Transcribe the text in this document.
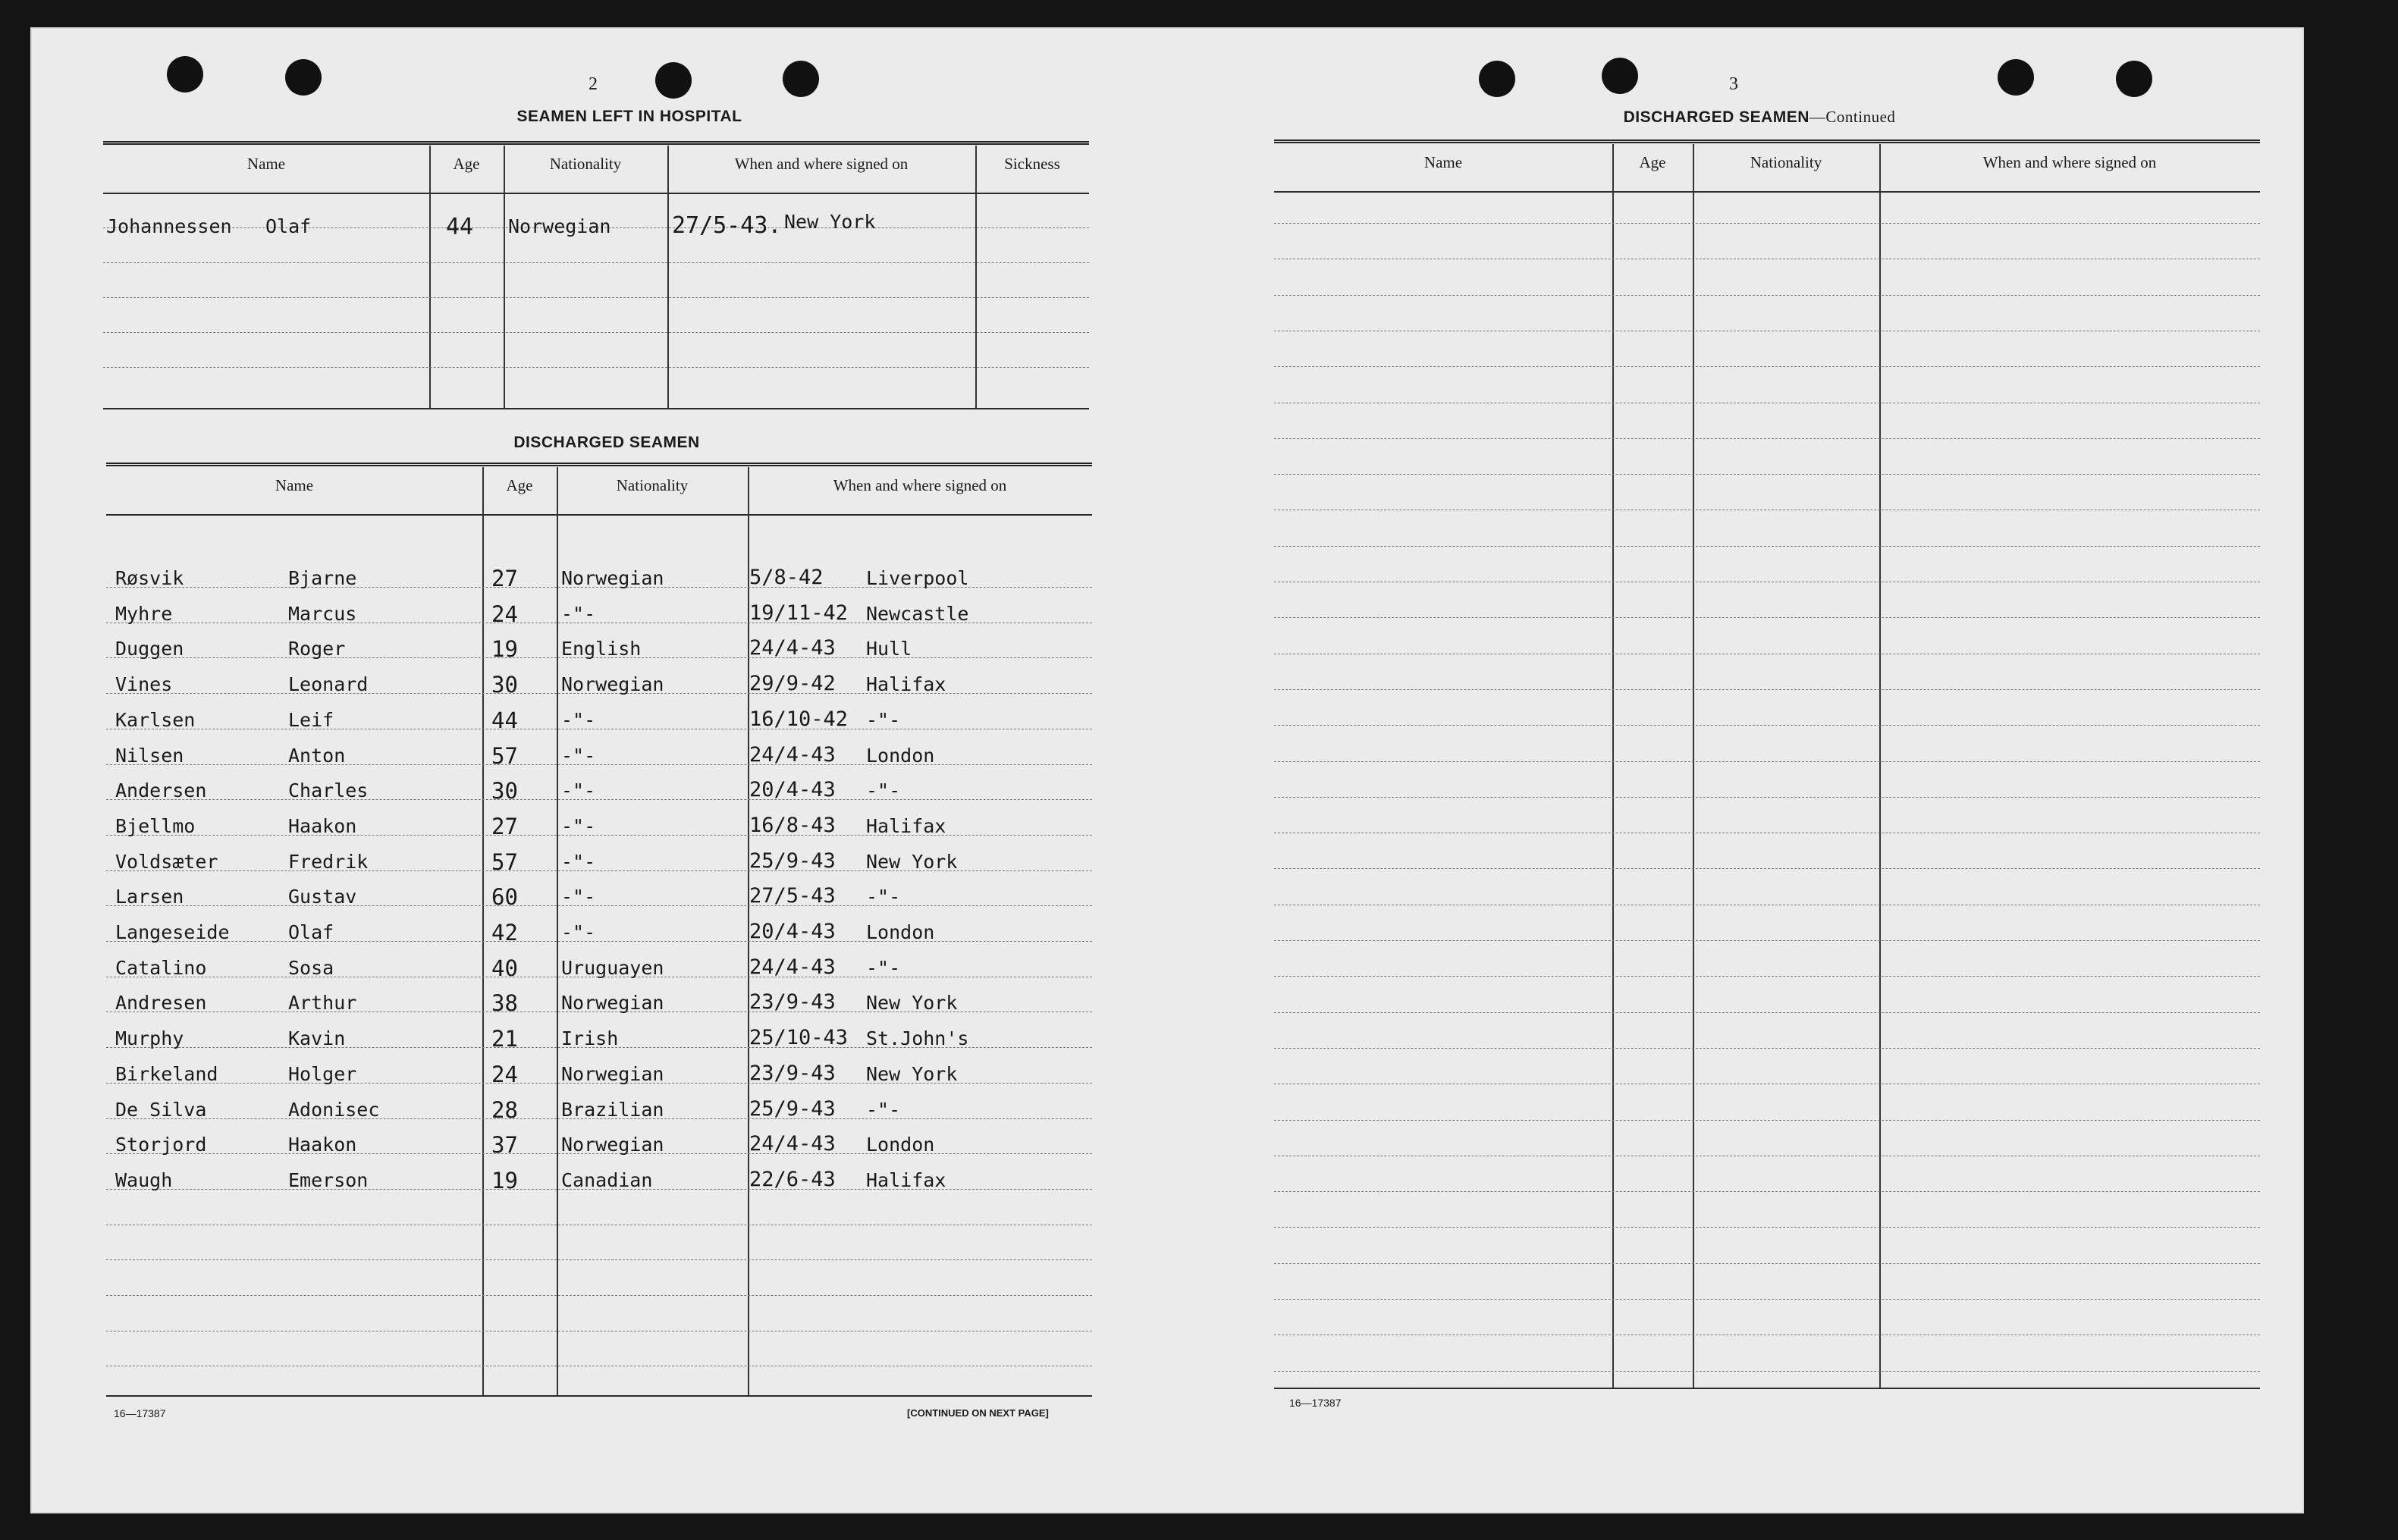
2
SEAMEN LEFT IN HOSPITAL
Name	Age	Nationality	When and where signed on	Sickness
Johannessen Olaf	44 Norwegian	27/5-43. New York
DISCHARGED SEAMEN
Name	Age	Nationality	When and where signed on

Røsvik	Bjarne	27 Norwegian	5/8-42 Liverpool
Myhre	Marcus	24 -"-	19/11-42 Newcastle
Duggen	Roger	19 English	24/4-43 Hull
Vines	Leonard	30 Norwegian	29/9-42 Halifax
Karlsen	Leif	44 -"-	16/10-42 -"-
Nilsen	Anton	57 -"-	24/4-43 London
Andersen	Charles	30 -"-	20/4-43 -"-
Bjellmo	Haakon	27 -"-	16/8-43 Halifax
Voldsæter	Fredrik	57 -"-	25/9-43 New York
Larsen	Gustav	60 -"-	27/5-43 -"-
Langeseide	Olaf	42 -"-	20/4-43 London
Catalino	Sosa	40 Uruguayen	24/4-43 -"-
Andresen	Arthur	38 Norwegian	23/9-43 New York
Murphy	Kavin	21 Irish	25/10-43 St.John's
Birkeland	Holger	24 Norwegian	23/9-43 New York
De Silva	Adonisec	28 Brazilian	25/9-43 -"-
Storjord	Haakon	37 Norwegian	24/4-43 London
Waugh	Emerson	19 Canadian	22/6-43 Halifax
16—17387	[CONTINUED ON NEXT PAGE]
3
DISCHARGED SEAMEN—Continued
Name	Age	Nationality	When and where signed on
16—17387
